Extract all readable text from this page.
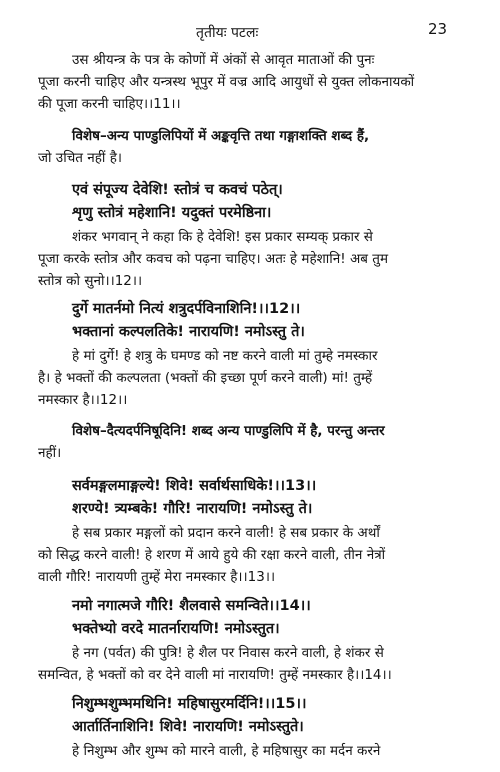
तृतीयः पटलः	23
उस श्रीयन्त्र के पत्र के कोणों में अंकों से आवृत माताओं की पुनः
पूजा करनी चाहिए और यन्त्रस्थ भूपुर में वज्र आदि आयुधों से युक्त लोकनायकों
की पूजा करनी चाहिए।।11।।
विशेष–अन्य पाण्डुलिपियों में अङ्कवृत्ति तथा गङ्गाशक्ति शब्द हैं,
जो उचित नहीं है।
एवं संपूज्य देवेशि! स्तोत्रं च कवचं पठेत्।
शृणु स्तोत्रं महेशानि! यदुक्तं परमेष्ठिना।
शंकर भगवान् ने कहा कि हे देवेशि! इस प्रकार सम्यक् प्रकार से
पूजा करके स्तोत्र और कवच को पढ़ना चाहिए। अतः हे महेशानि! अब तुम
स्तोत्र को सुनो।।12।।
दुर्गे मातर्नमो नित्यं शत्रुदर्पविनाशिनि!।।12।।
भक्तानां कल्पलतिके! नारायणि! नमोऽस्तु ते।
हे मां दुर्गे! हे शत्रु के घमण्ड को नष्ट करने वाली मां तुम्हे नमस्कार
है। हे भक्तों की कल्पलता (भक्तों की इच्छा पूर्ण करने वाली) मां! तुम्हें
नमस्कार है।।12।।
विशेष–दैत्यदर्पनिषूदिनि! शब्द अन्य पाण्डुलिपि में है, परन्तु अन्तर
नहीं।
सर्वमङ्गलमाङ्गल्ये! शिवे! सर्वार्थसाधिके!।।13।।
शरण्ये! त्र्यम्बके! गौरि! नारायणि! नमोऽस्तु ते।
हे सब प्रकार मङ्गलों को प्रदान करने वाली! हे सब प्रकार के अर्थों
को सिद्ध करने वाली! हे शरण में आये हुये की रक्षा करने वाली, तीन नेत्रों
वाली गौरि! नारायणी तुम्हें मेरा नमस्कार है।।13।।
नमो नगात्मजे गौरि! शैलवासे समन्विते।।14।।
भक्तेभ्यो वरदे मातर्नारायणि! नमोऽस्तुत।
हे नग (पर्वत) की पुत्रि! हे शैल पर निवास करने वाली, हे शंकर से
समन्वित, हे भक्तों को वर देने वाली मां नारायणि! तुम्हें नमस्कार है।।14।।
निशुम्भशुम्भमथिनि! महिषासुरमर्दिनि!।।15।।
आर्तार्तिनाशिनि! शिवे! नारायणि! नमोऽस्तुते।
हे निशुम्भ और शुम्भ को मारने वाली, हे महिषासुर का मर्दन करने
